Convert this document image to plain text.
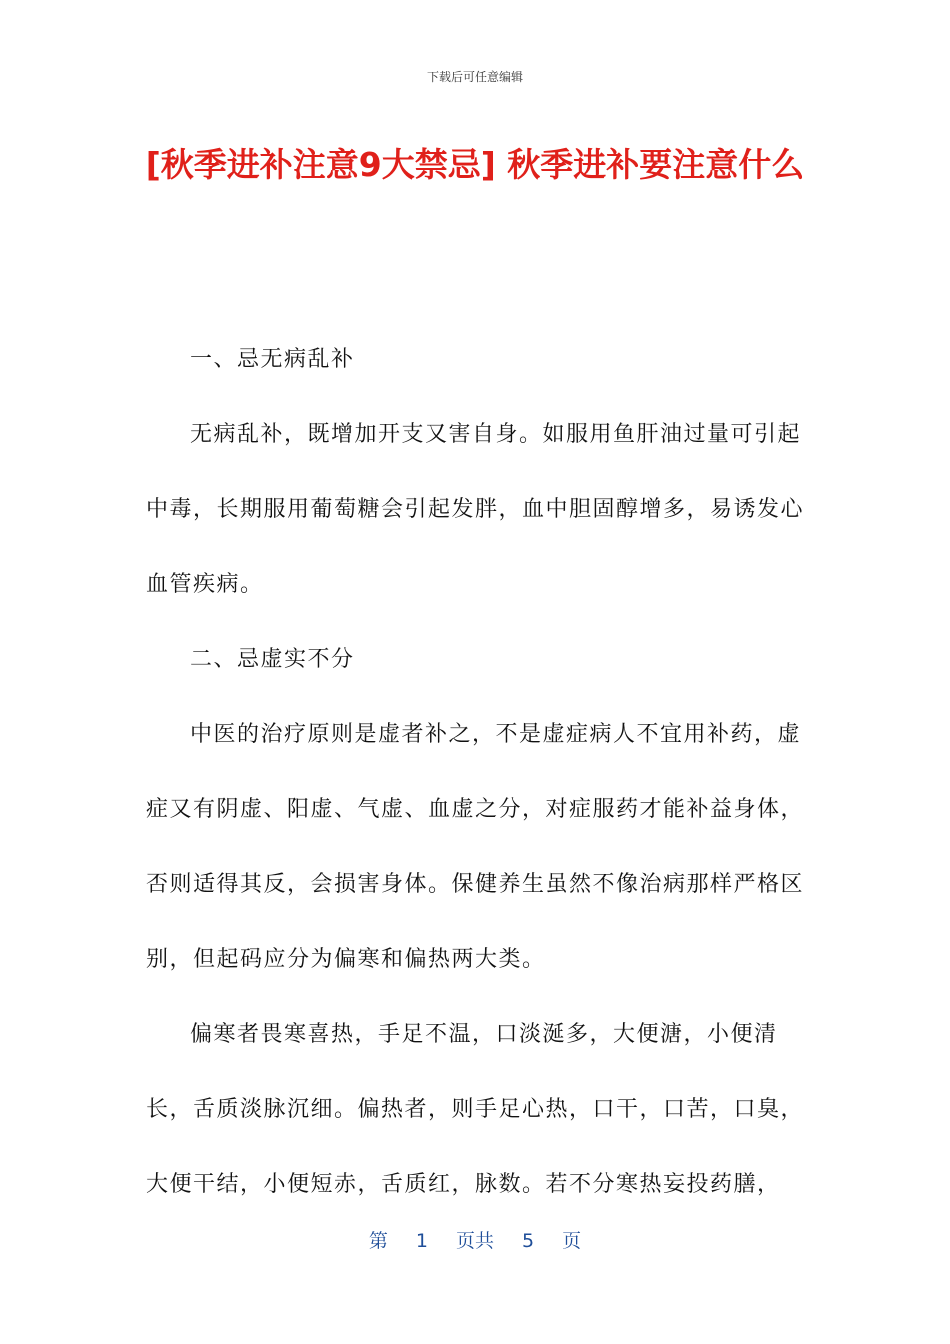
下载后可任意编辑
[秋季进补注意9大禁忌] 秋季进补要注意什么

一、忌无病乱补

无病乱补，既增加开支又害自身。如服用鱼肝油过量可引起中毒，长期服用葡萄糖会引起发胖，血中胆固醇增多，易诱发心血管疾病。

二、忌虚实不分

中医的治疗原则是虚者补之，不是虚症病人不宜用补药，虚症又有阴虚、阳虚、气虚、血虚之分，对症服药才能补益身体，否则适得其反，会损害身体。保健养生虽然不像治病那样严格区别，但起码应分为偏寒和偏热两大类。

偏寒者畏寒喜热，手足不温，口淡涎多，大便溏，小便清长，舌质淡脉沉细。偏热者，则手足心热，口干，口苦，口臭，大便干结，小便短赤，舌质红，脉数。若不分寒热妄投药膳，

第 1 页共 5 页
